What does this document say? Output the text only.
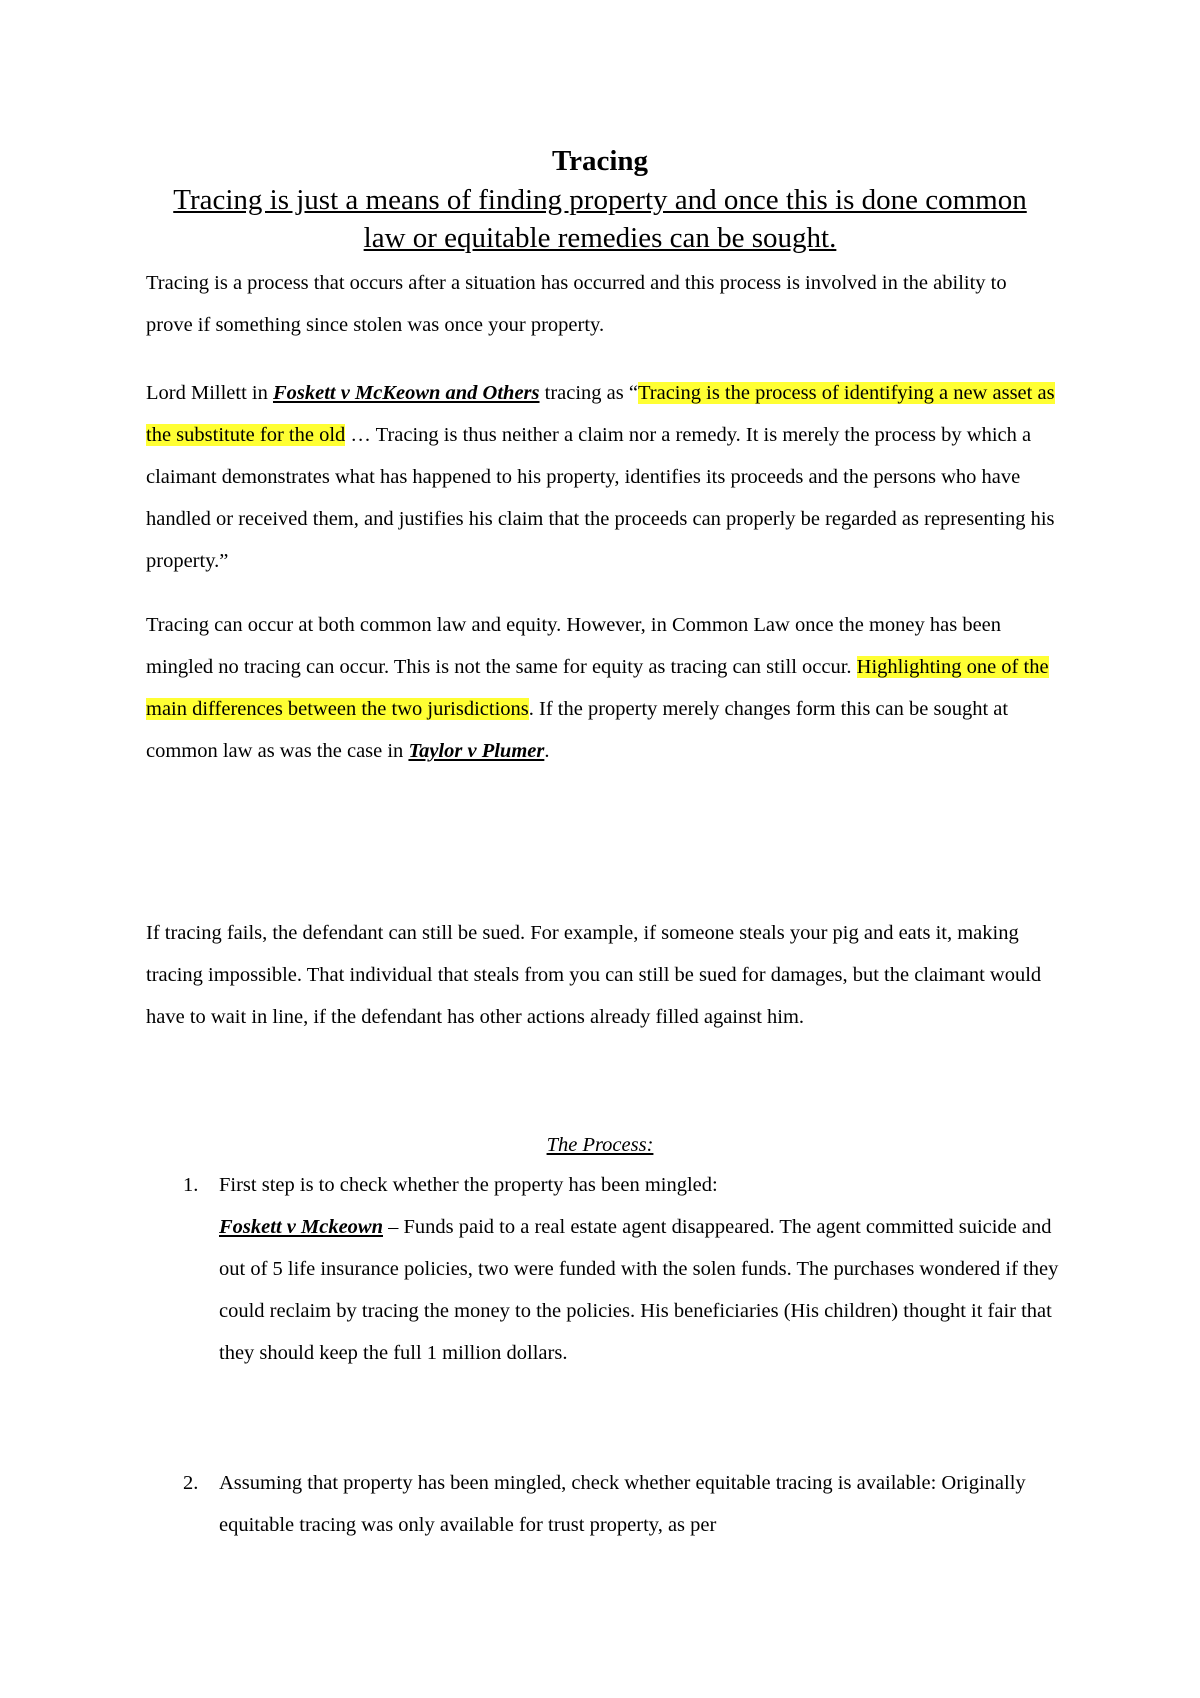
Tracing
Tracing is just a means of finding property and once this is done common law or equitable remedies can be sought.

Tracing is a process that occurs after a situation has occurred and this process is involved in the ability to prove if something since stolen was once your property.

Lord Millett in Foskett v McKeown and Others tracing as “Tracing is the process of identifying a new asset as the substitute for the old … Tracing is thus neither a claim nor a remedy. It is merely the process by which a claimant demonstrates what has happened to his property, identifies its proceeds and the persons who have handled or received them, and justifies his claim that the proceeds can properly be regarded as representing his property.”

Tracing can occur at both common law and equity. However, in Common Law once the money has been mingled no tracing can occur. This is not the same for equity as tracing can still occur. Highlighting one of the main differences between the two jurisdictions. If the property merely changes form this can be sought at common law as was the case in Taylor v Plumer.

If tracing fails, the defendant can still be sued. For example, if someone steals your pig and eats it, making tracing impossible. That individual that steals from you can still be sued for damages, but the claimant would have to wait in line, if the defendant has other actions already filled against him.

The Process:
1. First step is to check whether the property has been mingled:
Foskett v Mckeown – Funds paid to a real estate agent disappeared. The agent committed suicide and out of 5 life insurance policies, two were funded with the solen funds. The purchases wondered if they could reclaim by tracing the money to the policies. His beneficiaries (His children) thought it fair that they should keep the full 1 million dollars.
2. Assuming that property has been mingled, check whether equitable tracing is available: Originally equitable tracing was only available for trust property, as per
